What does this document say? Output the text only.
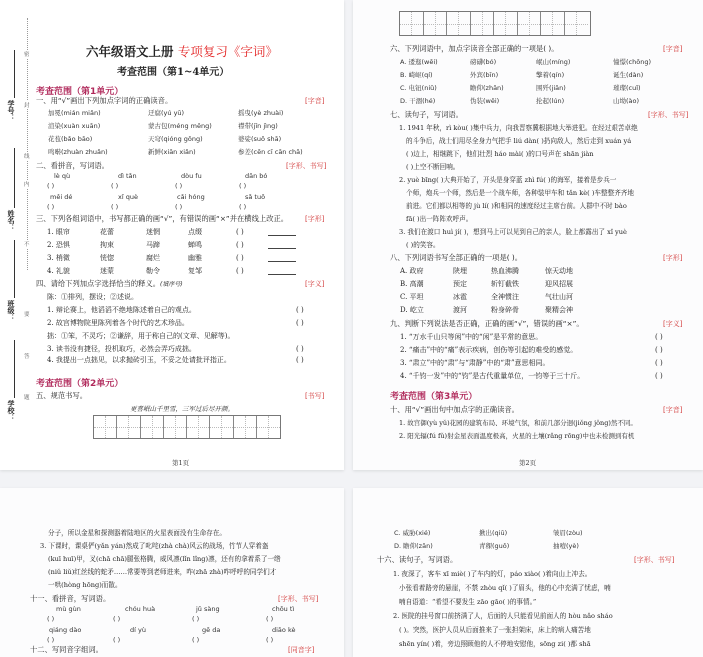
密
封
线
内
不
要
答
题
学号：
姓名：
班级：
学校：
六年级语文上册 专项复习《字词》
考查范围（第1~4单元）
考查范围（第1单元）
一、用“√”画出下列加点字词的正确读音。	[字音]
加冕(mián miǎn)	迂腐(yú yū)	摇曳(yè zhuài)
渲染(xuàn xuān)	蒙古包(méng měng)	襟带(jīn jìng)
花苞(bǎo bāo)	天穹(qióng gōng)	婆娑(suō shā)
鸣啭(zhuàn zhuǎn)	新鲜(xiān xiǎn)	参差(cēn cī cān chā)
二、看拼音，写词语。	[字形、书写]
lè qù	dì tǎn	dòu fu	dān bó
( )	( )	( )	( )
měi dé	xǐ què	cǎi hóng	sǎ tuō
( )	( )	( )	( )
三、下列各组词语中，书写都正确的画“√”，有错误的画“×”并在横线上改正。 [字形]
1. 眼帘	花蕾	迷惘	点缀	( )
2. 恐惧	拘束	马蹄	蝉鸣	( )
3. 梢微	恍惚	腐烂	幽雅	( )
4. 礼貌	迷蒙	勒令	复邹	( )
四、请给下列加点字选择恰当的释义。(填序号)	[字义]
陈：①排列，摆设；②述说。
1. 辩论赛上，他滔滔不绝地陈述着自己的观点。	( )
2. 故宫博物院里陈列着各个时代的艺术珍品。	( )
拙：①笨，不灵巧；②谦辞，用于称自己的(文章、见解等)。
3. 读书没有捷径，投机取巧，必然会弄巧成拙。	( )
4. 我提出一点拙见，以求抛砖引玉，不妥之处请批评指正。	( )
考查范围（第2单元）
五、规范书写。	[书写]
更喜岷山千里雪，三军过后尽开颜。
第1页
六、下列词语中，加点字读音全部正确的一项是( )。	[字音]
A. 逶迤(wēi)	磅礴(bó)	岷山(míng)	憧憬(chōng)
B. 崎岖(qí)	外宾(bīn)	擎着(qín)	诞生(dàn)
C. 电钮(niǔ)	瞻仰(zhān)	围歼(jiān)	璀璨(cuǐ)
D. 干涸(hé)	伪装(wěi)	抡起(lún)	山坳(ào)
七、读句子，写词语。	[字形、书写]
1. 1941 年秋，rì kòu( )集中兵力，向我晋察冀根据地大举进犯。在经过艰苦卓绝
的斗争后，战士们用尽全身力气把手 liú dàn( )扔向敌人，然后走到 xuán yá
( )边上，相继跳下，他们壮烈 háo mài( )的口号声在 shān jiàn
( )上空不断回响。
2. yuè bīng( )大典开始了，开头是身穿蓝 zhì fú( )的海军，接着是步兵一
个师，炮兵一个师，然后是一个战车师，各种装甲车和 tǎn kè( )车整整齐齐地
前进。它们都以相等的 jù lí( )和相同的速度经过主席台前。人群中不时 bào
fā( )出一阵阵欢呼声。
3. 我们在渡口 huì jí( )，想到马上可以见到自己的亲人，脸上都露出了 xǐ yuè
( )的笑容。
八、下列词语书写全部正确的一项是( )。	[字形]
A. 政府	陕埋	热血沸腾	惊天动地
B. 高潮	预定	斩钉截铁	迎风招展
C. 平坦	冰雹	全神惯注	气壮山河
D. 屹立	渡河	粉身碎骨	聚精会神
九、判断下列说法是否正确，正确的画“√”，错误的画“×”。	[字义]
1. “万水千山只等闲”中的“闲”是平常的意思。	( )
2. “痛击”中的“痛”表示疾病，创伤等引起的难受的感觉。	( )
3. “肃立”中的“肃”与“肃静”中的“肃”意思相同。	( )
4. “千钧一发”中的“钧”是古代重量单位，一钧等于三十斤。	( )
考查范围（第3单元）
十、用“√”画出句中加点字的正确读音。	[字音]
1. 故宫御(yù yǔ)花园的建筑布局、环境气氛，和前几部分迥(jiǒng jǒng)然不同。
2. 阳光辐(fú fǔ)射金星表面温度极高，火星的土壤(rǎng rōng)中也未检测到有机
第2页
分子，所以金星和探测器着陆地区的火星表面没有生命存在。
3. 下课时，课桌俨(yǎn yán)然成了叱咤(zhà chà)风云的战场，竹节人穿着盔
(kuī huī)甲，叉(chā chā)腿张格腾，威风凛(lǐn lǐng)凛，还有的拿着系了一绺
(niǔ liǔ)红丝线的蛇矛……常要等到老师进来，咋(zhā zhà)咋呼呼的同学们才
一哄(hòng hōng)而散。
十一、看拼音，写词语。	[字形、书写]
mù gùn	chóu huà	jǔ sàng	chōu tì
( )	( )	( )	( )
qiáng dào	dí yù	gē da	diāo kè
( )	( )	( )	( )
十二、写同音字组词。	[同音字]
C. 威胁(xié)	揪出(qiū)	皱眉(zòu)
D. 瞻仰(zān)	青稞(guǒ)	抽噎(yè)
十六、读句子，写词语。	[字形、书写]
1. 夜深了，客车 xī miè( )了车内的灯，páo xiào( )着向山上冲去。
小张看着路旁的悬崖，不禁 zhòu qǐ( )了眉头，他的心中充满了忧虑，喃
喃自语道：“希望不要发生 zāo gāo( )的事情。”
2. 医院的挂号窗口前挤满了人，后面的人只能看见前面人的 hòu nǎo sháo
( )。突然，医护人员从后面推来了一张担架床，床上的病人痛苦地
shēn yín( )着，旁边照顾他的人不停地安慰他，sōng zi( )都 shā
